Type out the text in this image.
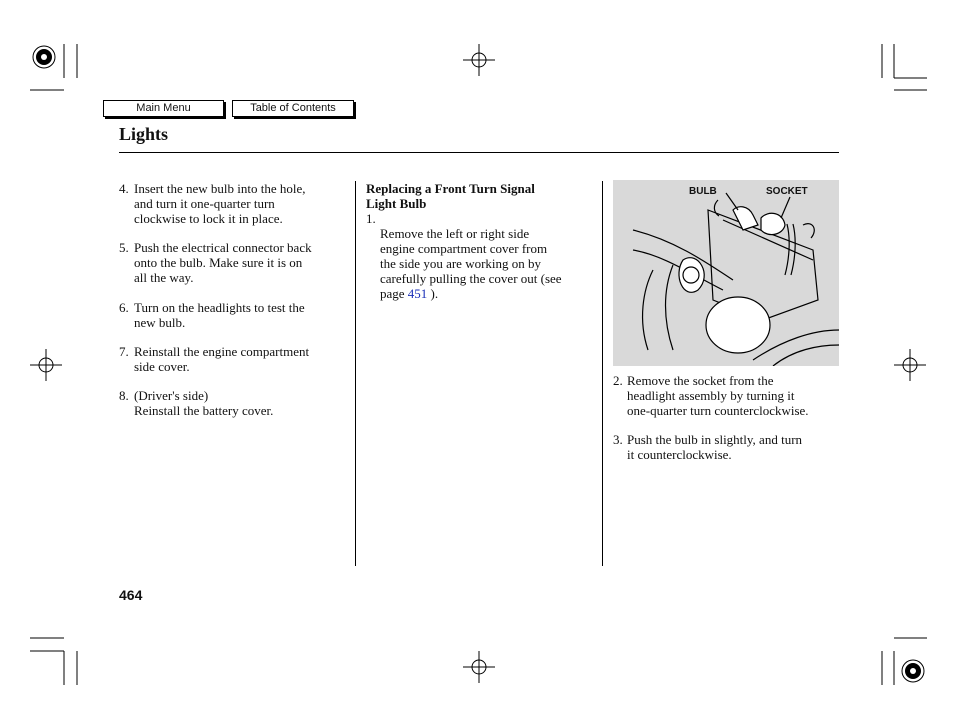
Main Menu	Table of Contents
Lights
4. Insert the new bulb into the hole,
and turn it one-quarter turn
clockwise to lock it in place.
5. Push the electrical connector back
onto the bulb. Make sure it is on
all the way.
6. Turn on the headlights to test the
new bulb.
7. Reinstall the engine compartment
side cover.
8. (Driver's side)
Reinstall the battery cover.
Replacing a Front Turn Signal
Light Bulb
1.

Remove the left or right side
engine compartment cover from
the side you are working on by
carefully pulling the cover out (see
page 451 ).

BULB	SOCKET
2. Remove the socket from the
headlight assembly by turning it
one-quarter turn counterclockwise.
3. Push the bulb in slightly, and turn
it counterclockwise.
464
